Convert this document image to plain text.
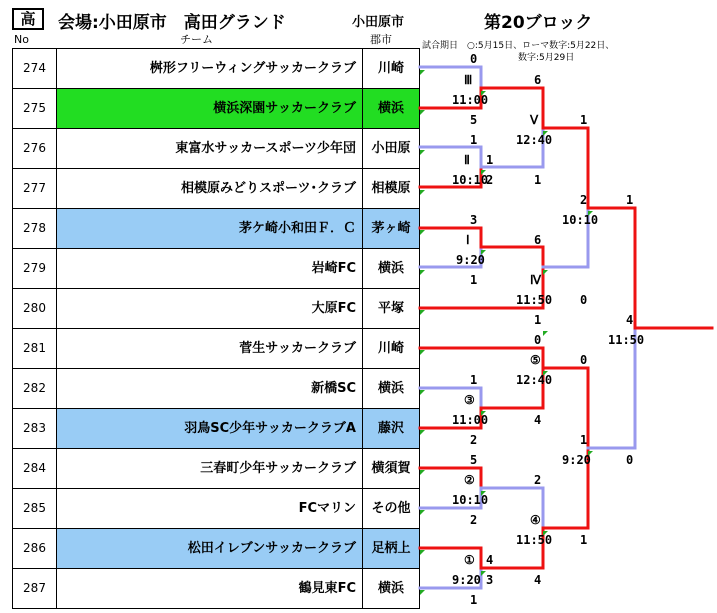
高	会場:小田原市　高田グランド	小田原市	第20ブロック
試合期日　○:5月15日、ローマ数字:5月22日、
数字:5月29日
No	チーム	郡市
274	桝形フリーウィングサッカークラブ	川崎
275	横浜深園サッカークラブ	横浜
276	東富水サッカースポーツ少年団	小田原
277	相模原みどりスポーツ･クラブ	相模原
278	茅ケ崎小和田Ｆ．Ｃ	茅ヶ崎
279	岩崎FC	横浜
280	大原FC	平塚
281	菅生サッカークラブ	川崎
282	新橋SC	横浜
283	羽鳥SC少年サッカークラブA	藤沢
284	三春町少年サッカークラブ	横須賀
285	FCマリン	その他
286	松田イレブンサッカークラブ	足柄上
287	鶴見東FC	横浜
0
Ⅲ
11:00
5
6
Ⅴ
12:40
1
Ⅱ 1
10:10
2	1
1
2
10:10
3
Ⅰ
9:20
1
6
Ⅳ
11:50 0
1
1
4
11:50
0
⑤	0
12:40
1
③
11:00	4
2	1
9:20	0
5
②	2
10:10
2	④
11:50 1
① 4
9:20 3	4
1
